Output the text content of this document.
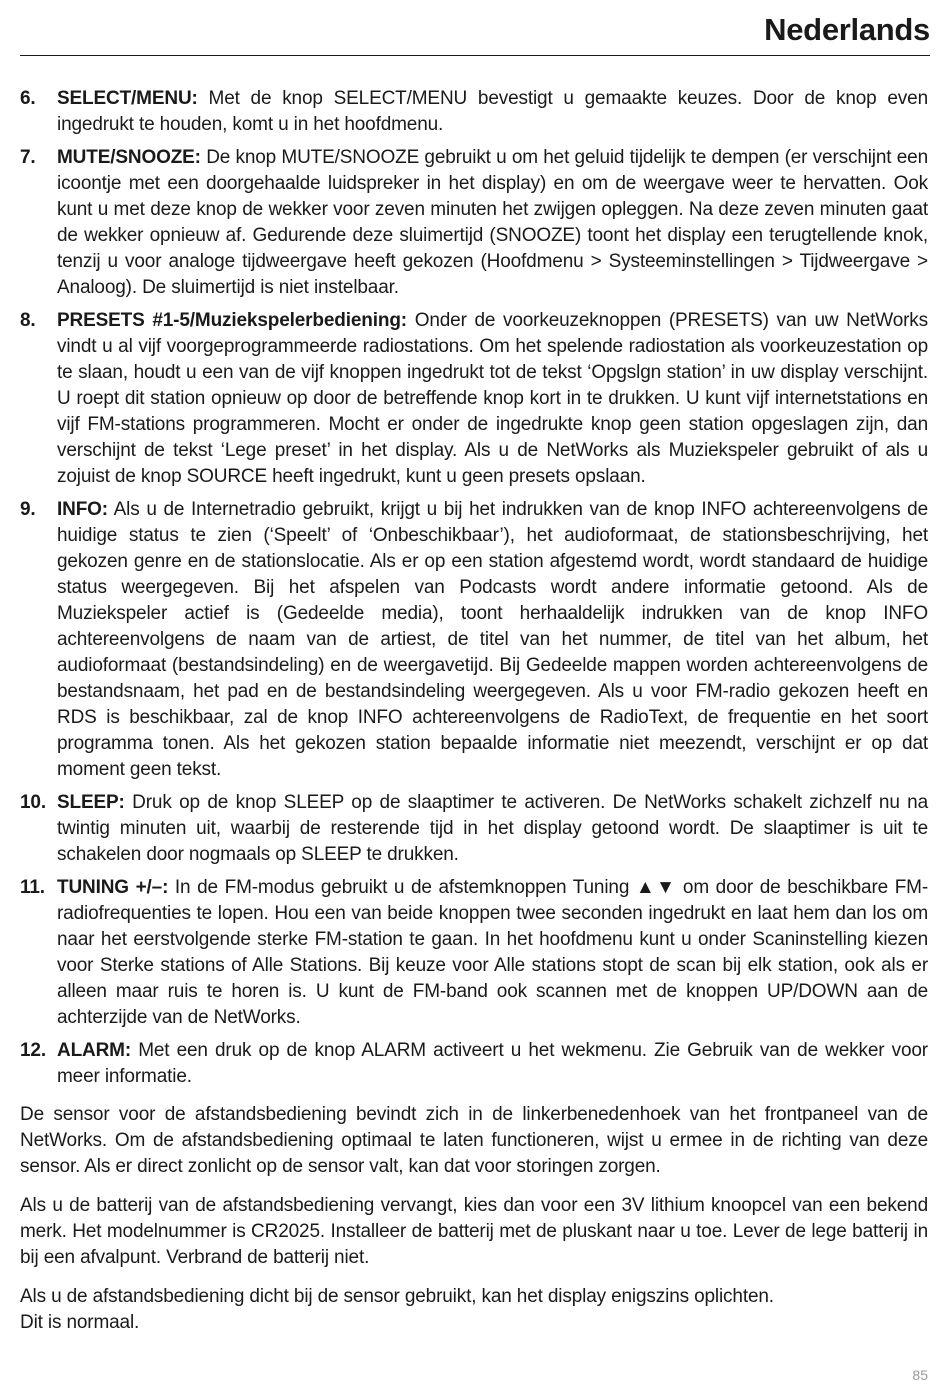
Nederlands
6. SELECT/MENU: Met de knop SELECT/MENU bevestigt u gemaakte keuzes. Door de knop even ingedrukt te houden, komt u in het hoofdmenu.
7. MUTE/SNOOZE: De knop MUTE/SNOOZE gebruikt u om het geluid tijdelijk te dempen (er verschijnt een icoontje met een doorgehaalde luidspreker in het display) en om de weergave weer te hervatten. Ook kunt u met deze knop de wekker voor zeven minuten het zwijgen opleggen. Na deze zeven minuten gaat de wekker opnieuw af. Gedurende deze sluimertijd (SNOOZE) toont het display een terugtellende knok, tenzij u voor analoge tijdweergave heeft gekozen (Hoofdmenu > Systeeminstellingen > Tijdweergave > Analoog). De sluimertijd is niet instelbaar.
8. PRESETS #1-5/Muziekspelerbediening: Onder de voorkeuzeknoppen (PRESETS) van uw NetWorks vindt u al vijf voorgeprogrammeerde radiostations. Om het spelende radiostation als voorkeuzestation op te slaan, houdt u een van de vijf knoppen ingedrukt tot de tekst ‘Opgslgn station’ in uw display verschijnt. U roept dit station opnieuw op door de betreffende knop kort in te drukken. U kunt vijf internetstations en vijf FM-stations programmeren. Mocht er onder de ingedrukte knop geen station opgeslagen zijn, dan verschijnt de tekst ‘Lege preset’ in het display. Als u de NetWorks als Muziekspeler gebruikt of als u zojuist de knop SOURCE heeft ingedrukt, kunt u geen presets opslaan.
9. INFO: Als u de Internetradio gebruikt, krijgt u bij het indrukken van de knop INFO achtereenvolgens de huidige status te zien (‘Speelt’ of ‘Onbeschikbaar’), het audioformaat, de stationsbeschrijving, het gekozen genre en de stationslocatie. Als er op een station afgestemd wordt, wordt standaard de huidige status weergegeven. Bij het afspelen van Podcasts wordt andere informatie getoond. Als de Muziekspeler actief is (Gedeelde media), toont herhaaldelijk indrukken van de knop INFO achtereenvolgens de naam van de artiest, de titel van het nummer, de titel van het album, het audioformaat (bestandsindeling) en de weergavetijd. Bij Gedeelde mappen worden achtereenvolgens de bestandsnaam, het pad en de bestandsindeling weergegeven. Als u voor FM-radio gekozen heeft en RDS is beschikbaar, zal de knop INFO achtereenvolgens de RadioText, de frequentie en het soort programma tonen. Als het gekozen station bepaalde informatie niet meezendt, verschijnt er op dat moment geen tekst.
10. SLEEP: Druk op de knop SLEEP op de slaaptimer te activeren. De NetWorks schakelt zichzelf nu na twintig minuten uit, waarbij de resterende tijd in het display getoond wordt. De slaaptimer is uit te schakelen door nogmaals op SLEEP te drukken.
11. TUNING +/–: In de FM-modus gebruikt u de afstemknoppen Tuning ▲▼ om door de beschikbare FM-radiofrequenties te lopen. Hou een van beide knoppen twee seconden ingedrukt en laat hem dan los om naar het eerstvolgende sterke FM-station te gaan. In het hoofdmenu kunt u onder Scaninstelling kiezen voor Sterke stations of Alle Stations. Bij keuze voor Alle stations stopt de scan bij elk station, ook als er alleen maar ruis te horen is. U kunt de FM-band ook scannen met de knoppen UP/DOWN aan de achterzijde van de NetWorks.
12. ALARM: Met een druk op de knop ALARM activeert u het wekmenu. Zie Gebruik van de wekker voor meer informatie.

De sensor voor de afstandsbediening bevindt zich in de linkerbenedenhoek van het frontpaneel van de NetWorks. Om de afstandsbediening optimaal te laten functioneren, wijst u ermee in de richting van deze sensor. Als er direct zonlicht op de sensor valt, kan dat voor storingen zorgen.

Als u de batterij van de afstandsbediening vervangt, kies dan voor een 3V lithium knoopcel van een bekend merk. Het modelnummer is CR2025. Installeer de batterij met de pluskant naar u toe. Lever de lege batterij in bij een afvalpunt. Verbrand de batterij niet.

Als u de afstandsbediening dicht bij de sensor gebruikt, kan het display enigszins oplichten.
Dit is normaal.

85
